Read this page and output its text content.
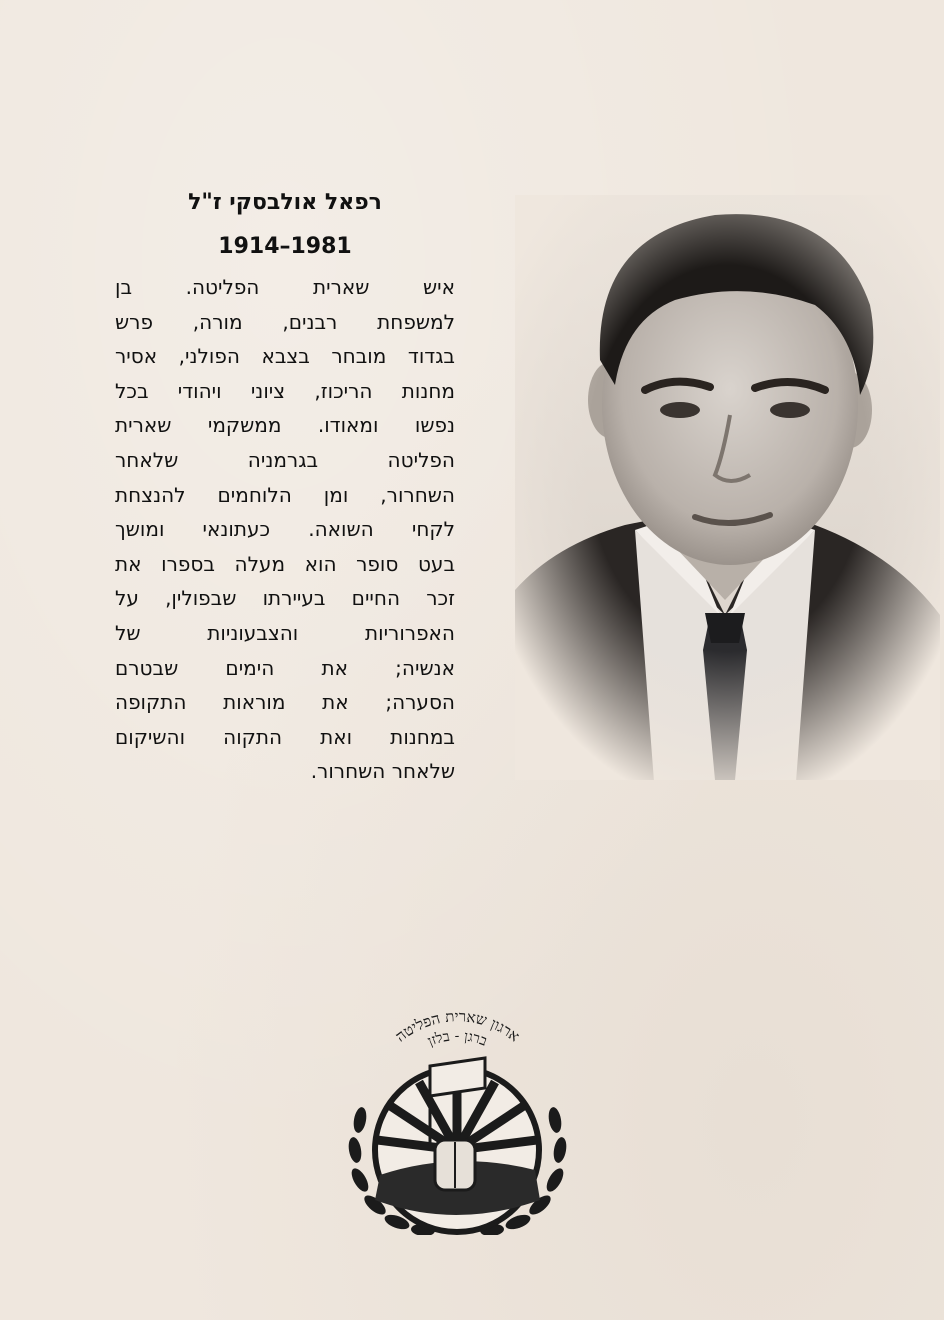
רפאל אולבסקי ז"ל
1914–1981
איש שארית הפליטה. בן
למשפחת רבנים, מורה, פרש
בגדוד מובחר בצבא הפולני, אסיר
מחנות הריכוז, ציוני ויהודי בכל
נפשו ומאודו. ממשקמי שארית
הפליטה בגרמניה שלאחר
השחרור, ומן הלוחמים להנצחת
לקחי השואה. כעתונאי ומושך
בעט סופר הוא מעלה בספרו את
זכר החיים בעיירתו שבפולין, על
האפרוריות והצבעוניות של
אנשיה; את הימים שבטרם
הסערה; את מוראות התקופה
במחנות ואת התקוה והשיקום
שלאחר השחרור.
ארגון שארית הפליטה
ברגן - בלזן
